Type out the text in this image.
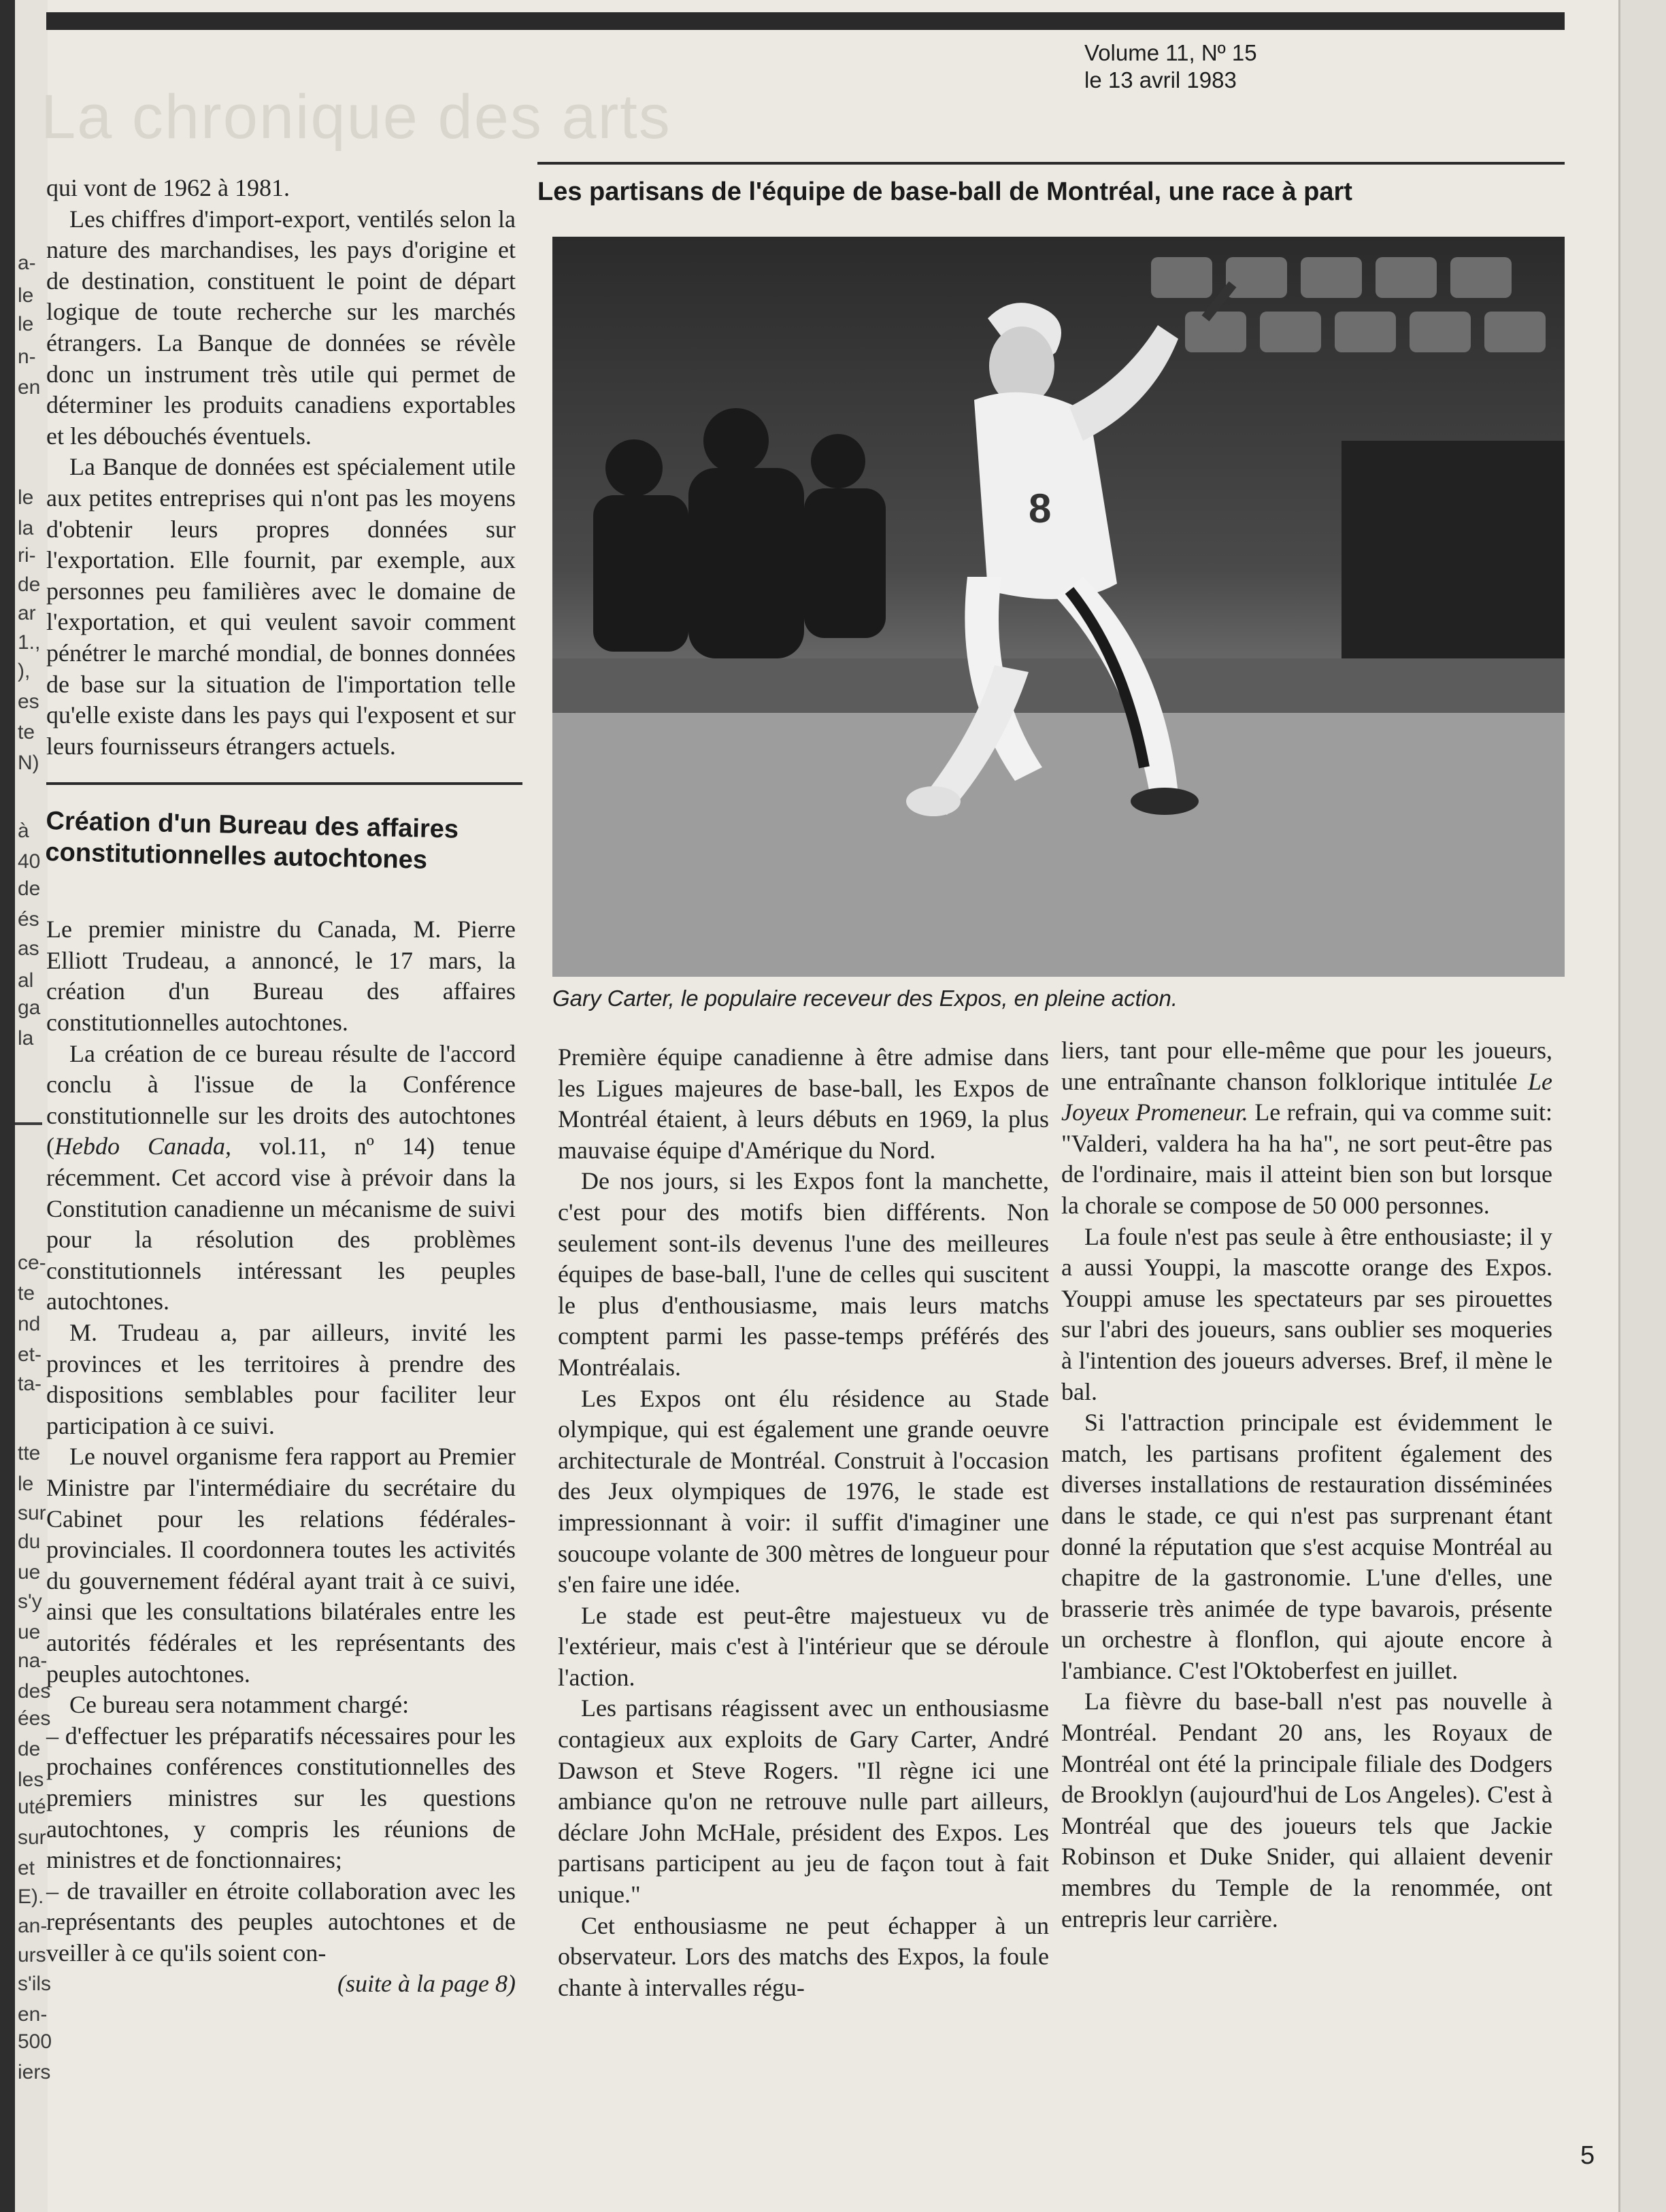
a-
le
le
n-
en
le
la
ri-
de
ar
1.,
),
es
te
N)
à
40
de
és
as
al
ga
la
ce-
te
nd
et-
ta-
tte
le
sur
du
ue
s'y
ue
na-
des
ées
de
les
uté
sur
et
E).
an-
urs
s'ils
en-
500
iers
La chronique des arts
Volume 11, Nº 15
le 13 avril 1983

qui vont de 1962 à 1981.

Les chiffres d'import-export, ventilés selon la nature des marchandises, les pays d'origine et de destination, constituent le point de départ logique de toute recherche sur les marchés étrangers. La Banque de données se révèle donc un instrument très utile qui permet de déterminer les produits canadiens exportables et les débouchés éventuels.

La Banque de données est spécialement utile aux petites entreprises qui n'ont pas les moyens d'obtenir leurs propres données sur l'exportation. Elle fournit, par exemple, aux personnes peu familières avec le domaine de l'exportation, et qui veulent savoir comment pénétrer le marché mondial, de bonnes données de base sur la situation de l'importation telle qu'elle existe dans les pays qui l'exposent et sur leurs fournisseurs étrangers actuels.

Création d'un Bureau des affaires constitutionnelles autochtones

Le premier ministre du Canada, M. Pierre Elliott Trudeau, a annoncé, le 17 mars, la création d'un Bureau des affaires constitutionnelles autochtones.

La création de ce bureau résulte de l'accord conclu à l'issue de la Conférence constitutionnelle sur les droits des autochtones (Hebdo Canada, vol.11, nº 14) tenue récemment. Cet accord vise à prévoir dans la Constitution canadienne un mécanisme de suivi pour la résolution des problèmes constitutionnels intéressant les peuples autochtones.

M. Trudeau a, par ailleurs, invité les provinces et les territoires à prendre des dispositions semblables pour faciliter leur participation à ce suivi.

Le nouvel organisme fera rapport au Premier Ministre par l'intermédiaire du secrétaire du Cabinet pour les relations fédérales-provinciales. Il coordonnera toutes les activités du gouvernement fédéral ayant trait à ce suivi, ainsi que les consultations bilatérales entre les autorités fédérales et les représentants des peuples autochtones.

Ce bureau sera notamment chargé:

– d'effectuer les préparatifs nécessaires pour les prochaines conférences constitutionnelles des premiers ministres sur les questions autochtones, y compris les réunions de ministres et de fonctionnaires;

– de travailler en étroite collaboration avec les représentants des peuples autochtones et de veiller à ce qu'ils soient con-

(suite à la page 8)

Les partisans de l'équipe de base-ball de Montréal, une race à part
8
Gary Carter, le populaire receveur des Expos, en pleine action.

Première équipe canadienne à être admise dans les Ligues majeures de base-ball, les Expos de Montréal étaient, à leurs débuts en 1969, la plus mauvaise équipe d'Amérique du Nord.

De nos jours, si les Expos font la manchette, c'est pour des motifs bien différents. Non seulement sont-ils devenus l'une des meilleures équipes de base-ball, l'une de celles qui suscitent le plus d'enthousiasme, mais leurs matchs comptent parmi les passe-temps préférés des Montréalais.

Les Expos ont élu résidence au Stade olympique, qui est également une grande oeuvre architecturale de Montréal. Construit à l'occasion des Jeux olympiques de 1976, le stade est impressionnant à voir: il suffit d'imaginer une soucoupe volante de 300 mètres de longueur pour s'en faire une idée.

Le stade est peut-être majestueux vu de l'extérieur, mais c'est à l'intérieur que se déroule l'action.

Les partisans réagissent avec un enthousiasme contagieux aux exploits de Gary Carter, André Dawson et Steve Rogers. "Il règne ici une ambiance qu'on ne retrouve nulle part ailleurs, déclare John McHale, président des Expos. Les partisans participent au jeu de façon tout à fait unique."

Cet enthousiasme ne peut échapper à un observateur. Lors des matchs des Expos, la foule chante à intervalles régu-

liers, tant pour elle-même que pour les joueurs, une entraînante chanson folklorique intitulée Le Joyeux Promeneur. Le refrain, qui va comme suit: "Valderi, valdera ha ha ha", ne sort peut-être pas de l'ordinaire, mais il atteint bien son but lorsque la chorale se compose de 50 000 personnes.

La foule n'est pas seule à être enthousiaste; il y a aussi Youppi, la mascotte orange des Expos. Youppi amuse les spectateurs par ses pirouettes sur l'abri des joueurs, sans oublier ses moqueries à l'intention des joueurs adverses. Bref, il mène le bal.

Si l'attraction principale est évidemment le match, les partisans profitent également des diverses installations de restauration disséminées dans le stade, ce qui n'est pas surprenant étant donné la réputation que s'est acquise Montréal au chapitre de la gastronomie. L'une d'elles, une brasserie très animée de type bavarois, présente un orchestre à flonflon, qui ajoute encore à l'ambiance. C'est l'Oktoberfest en juillet.

La fièvre du base-ball n'est pas nouvelle à Montréal. Pendant 20 ans, les Royaux de Montréal ont été la principale filiale des Dodgers de Brooklyn (aujourd'hui de Los Angeles). C'est à Montréal que des joueurs tels que Jackie Robinson et Duke Snider, qui allaient devenir membres du Temple de la renommée, ont entrepris leur carrière.

5
